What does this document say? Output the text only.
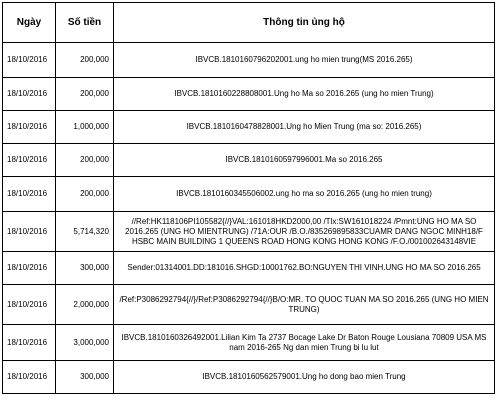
Ngày	Số tiền	Thông tin ủng hộ
18/10/2016	200,000	IBVCB.1810160796202001.ung ho mien trung(MS 2016.265)
18/10/2016	200,000	IBVCB.1810160228808001.Ung ho Ma so 2016.265 (ung ho mien Trung)
18/10/2016	1,000,000	IBVCB.1810160478828001.Ung ho Mien Trung (ma so: 2016.265)
18/10/2016	200,000	IBVCB.1810160597996001.Ma so 2016.265
18/10/2016	200,000	IBVCB.1810160345506002.ung ho ma so 2016.265 (ung ho mien trung)
18/10/2016	5,714,320	//Ref:HK118106PI105582{//}VAL:161018HKD2000,00 /Tlx:SW161018224 /Pmnt:UNG HO MA SO 2016.265 (UNG HO MIENTRUNG) /71A:OUR /B.O./835269895833CUAMR DANG NGOC MINH18/F HSBC MAIN BUILDING 1 QUEENS ROAD HONG KONG HONG KONG /F.O./001002643148VIE
18/10/2016	300,000	Sender:01314001.DD:181016.SHGD:10001762.BO:NGUYEN THI VINH.UNG HO MA SO 2016.265
18/10/2016	2,000,000	/Ref:P3086292794{//}/Ref:P3086292794{//}B/O:MR. TO QUOC TUAN MA SO 2016.265 (UNG HO MIEN TRUNG)
18/10/2016	3,000,000	IBVCB.1810160326492001.Lilian Kim Ta 2737 Bocage Lake Dr Baton Rouge Lousiana 70809 USA MS nam 2016-265 Ng dan mien Trung bi lu lut
18/10/2016	300,000	IBVCB.1810160562579001.Ung ho dong bao mien Trung
